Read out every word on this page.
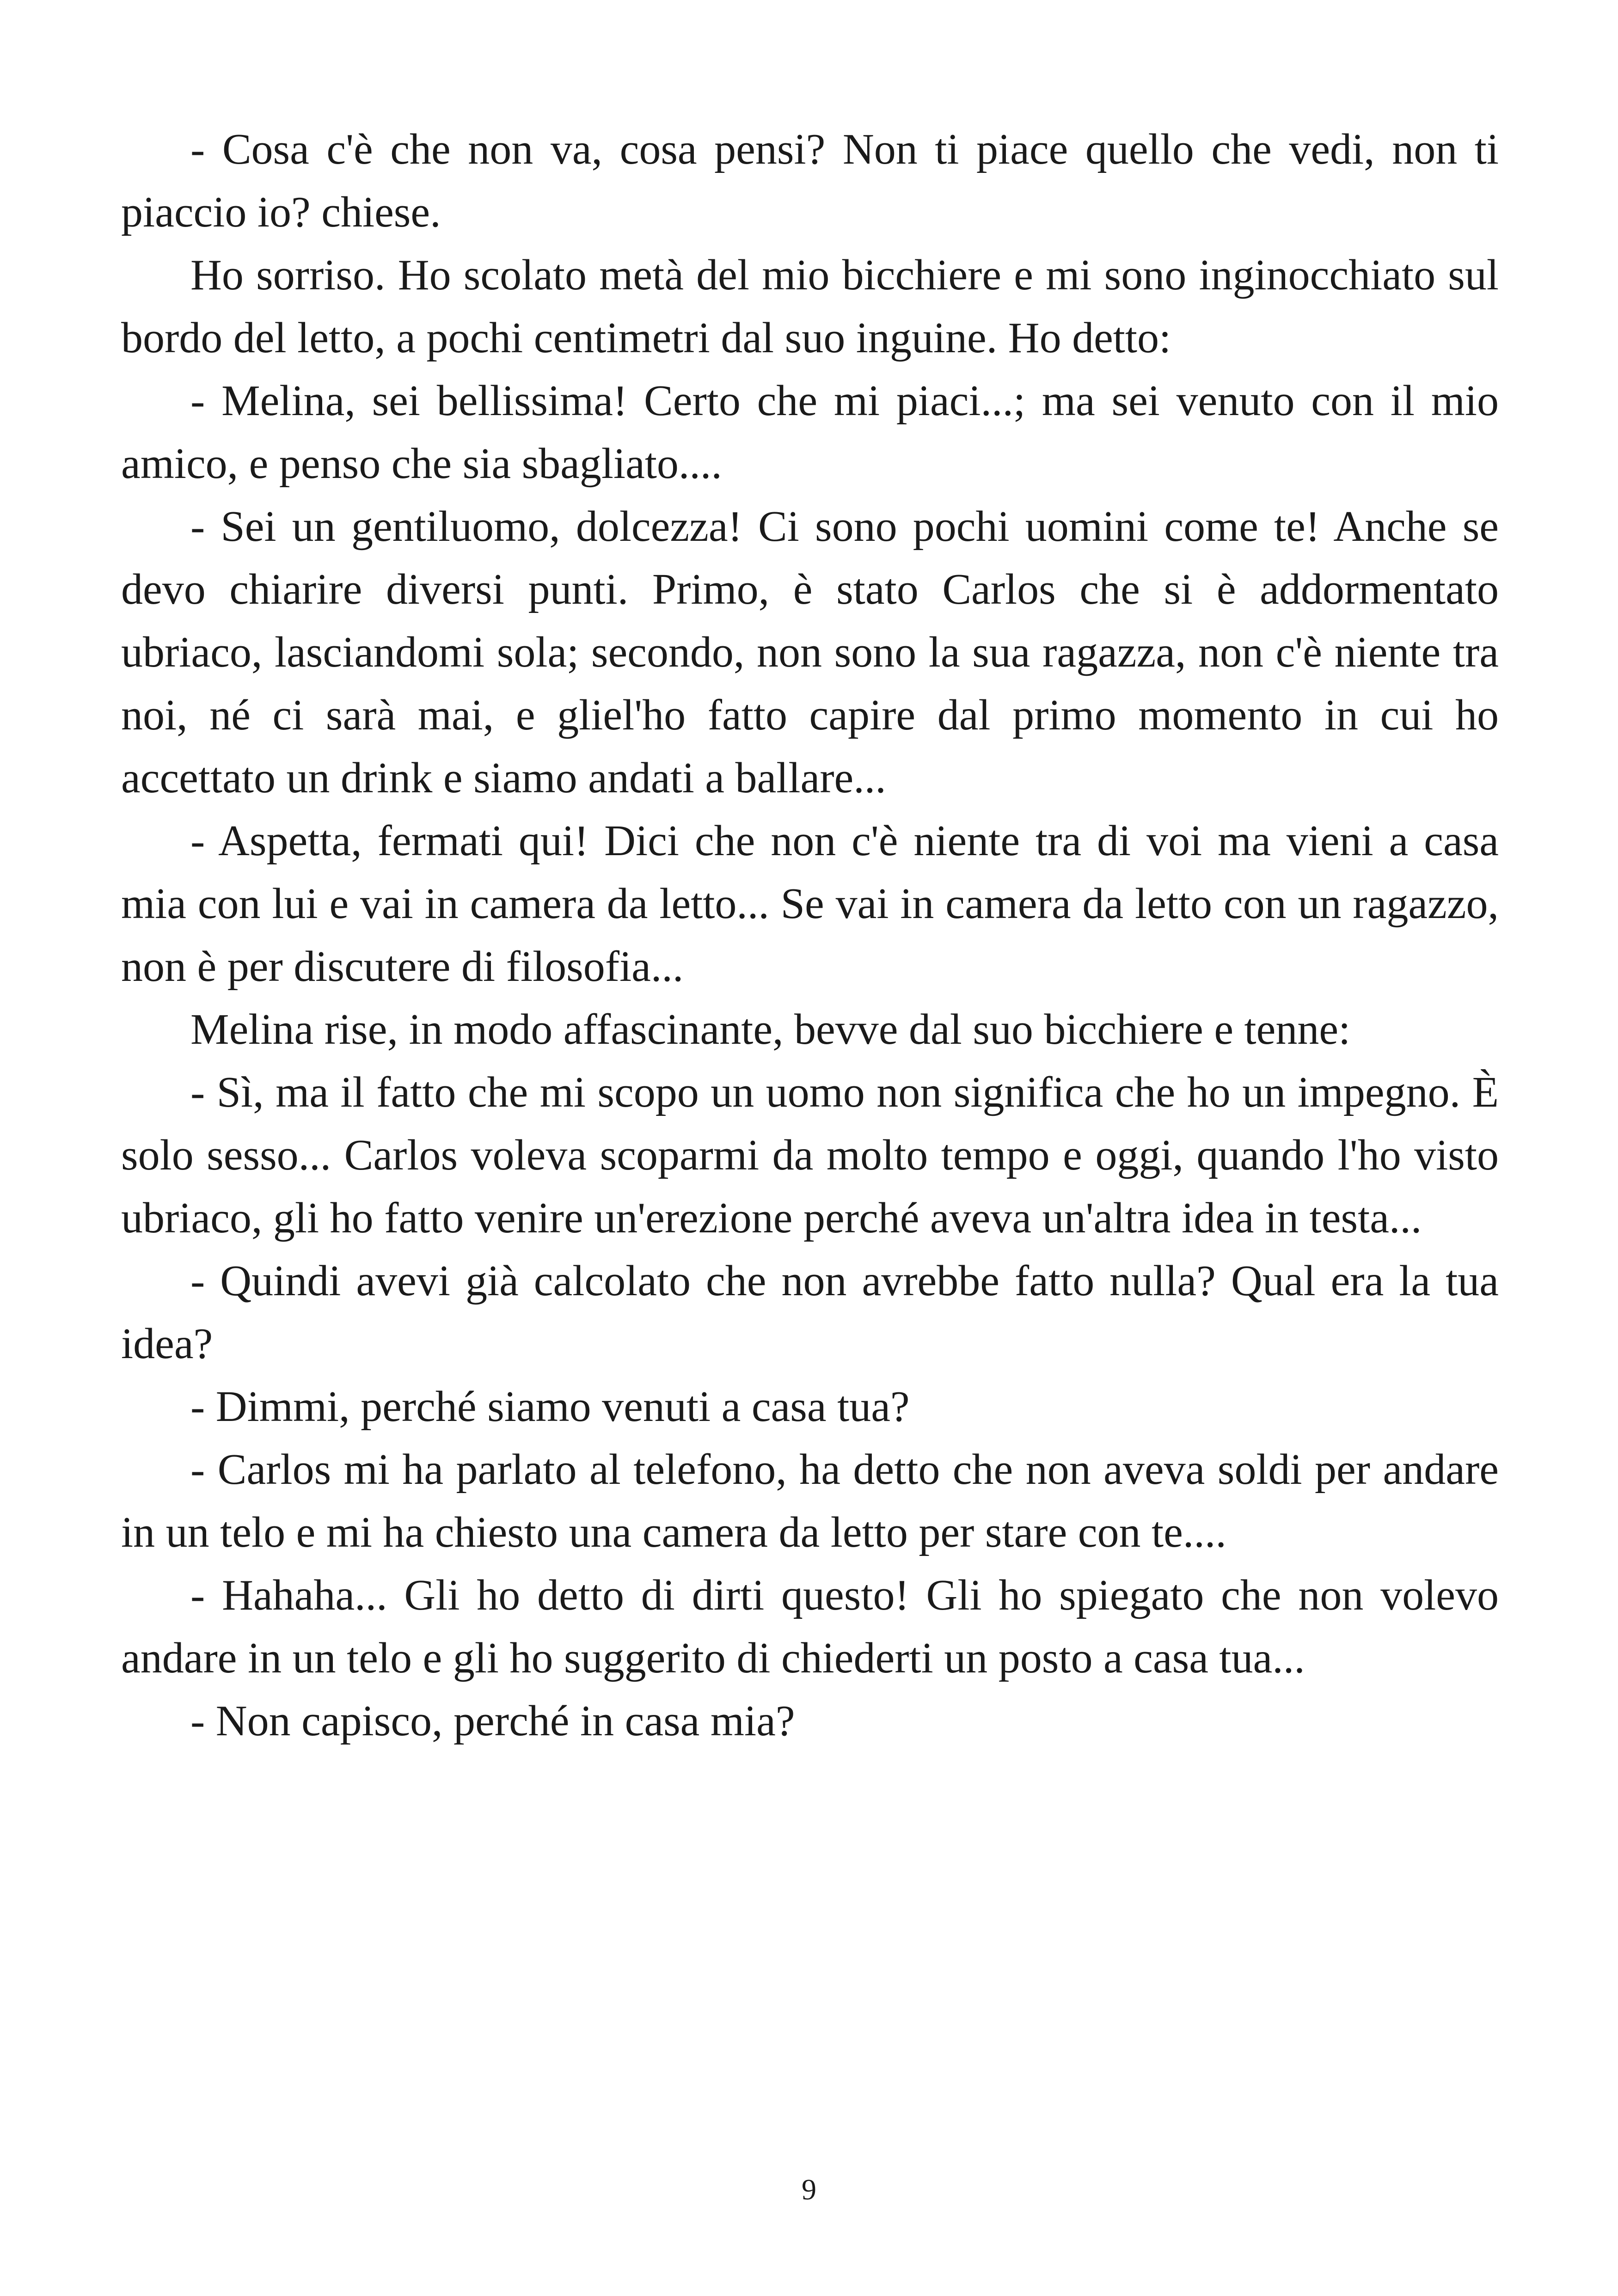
- Cosa c'è che non va, cosa pensi? Non ti piace quello che vedi, non ti piaccio io? chiese.

Ho sorriso. Ho scolato metà del mio bicchiere e mi sono inginocchiato sul bordo del letto, a pochi centimetri dal suo inguine. Ho detto:

- Melina, sei bellissima! Certo che mi piaci...; ma sei venuto con il mio amico, e penso che sia sbagliato....

- Sei un gentiluomo, dolcezza! Ci sono pochi uomini come te! Anche se devo chiarire diversi punti. Primo, è stato Carlos che si è addormentato ubriaco, lasciandomi sola; secondo, non sono la sua ragazza, non c'è niente tra noi, né ci sarà mai, e gliel'ho fatto capire dal primo momento in cui ho accettato un drink e siamo andati a ballare...

- Aspetta, fermati qui! Dici che non c'è niente tra di voi ma vieni a casa mia con lui e vai in camera da letto... Se vai in camera da letto con un ragazzo, non è per discutere di filosofia...

Melina rise, in modo affascinante, bevve dal suo bicchiere e tenne:

- Sì, ma il fatto che mi scopo un uomo non significa che ho un impegno. È solo sesso... Carlos voleva scoparmi da molto tempo e oggi, quando l'ho visto ubriaco, gli ho fatto venire un'erezione perché aveva un'altra idea in testa...

- Quindi avevi già calcolato che non avrebbe fatto nulla? Qual era la tua idea?

- Dimmi, perché siamo venuti a casa tua?

- Carlos mi ha parlato al telefono, ha detto che non aveva soldi per andare in un telo e mi ha chiesto una camera da letto per stare con te....

- Hahaha... Gli ho detto di dirti questo! Gli ho spiegato che non volevo andare in un telo e gli ho suggerito di chiederti un posto a casa tua...

- Non capisco, perché in casa mia?

9
